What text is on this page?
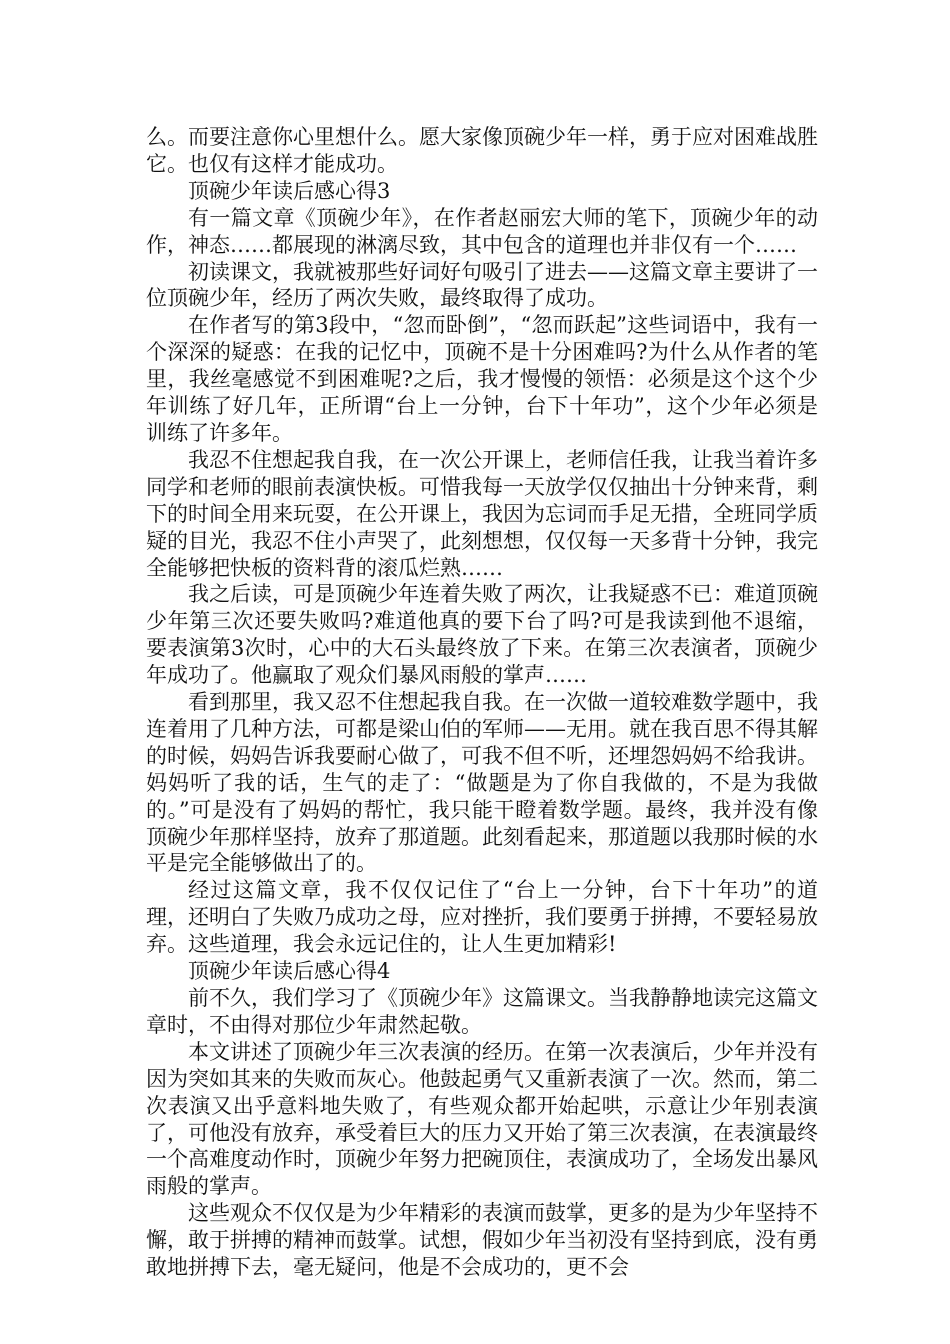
么。而要注意你心里想什么。愿大家像顶碗少年一样，勇于应对困难战胜它。也仅有这样才能成功。

顶碗少年读后感心得3

有一篇文章《顶碗少年》，在作者赵丽宏大师的笔下，顶碗少年的动作，神态……都展现的淋漓尽致，其中包含的道理也并非仅有一个……

初读课文，我就被那些好词好句吸引了进去——这篇文章主要讲了一位顶碗少年，经历了两次失败，最终取得了成功。

在作者写的第3段中，“忽而卧倒”，“忽而跃起”这些词语中，我有一个深深的疑惑：在我的记忆中，顶碗不是十分困难吗?为什么从作者的笔里，我丝毫感觉不到困难呢?之后，我才慢慢的领悟：必须是这个这个少年训练了好几年，正所谓“台上一分钟，台下十年功”，这个少年必须是训练了许多年。

我忍不住想起我自我，在一次公开课上，老师信任我，让我当着许多同学和老师的眼前表演快板。可惜我每一天放学仅仅抽出十分钟来背，剩下的时间全用来玩耍，在公开课上，我因为忘词而手足无措，全班同学质疑的目光，我忍不住小声哭了，此刻想想，仅仅每一天多背十分钟，我完全能够把快板的资料背的滚瓜烂熟……

我之后读，可是顶碗少年连着失败了两次，让我疑惑不已：难道顶碗少年第三次还要失败吗?难道他真的要下台了吗?可是我读到他不退缩，要表演第3次时，心中的大石头最终放了下来。在第三次表演者，顶碗少年成功了。他赢取了观众们暴风雨般的掌声……

看到那里，我又忍不住想起我自我。在一次做一道较难数学题中，我连着用了几种方法，可都是梁山伯的军师——无用。就在我百思不得其解的时候，妈妈告诉我要耐心做了，可我不但不听，还埋怨妈妈不给我讲。妈妈听了我的话，生气的走了：“做题是为了你自我做的，不是为我做的。”可是没有了妈妈的帮忙，我只能干瞪着数学题。最终，我并没有像顶碗少年那样坚持，放弃了那道题。此刻看起来，那道题以我那时候的水平是完全能够做出了的。

经过这篇文章，我不仅仅记住了“台上一分钟，台下十年功”的道理，还明白了失败乃成功之母，应对挫折，我们要勇于拼搏，不要轻易放弃。这些道理，我会永远记住的，让人生更加精彩!

顶碗少年读后感心得4

前不久，我们学习了《顶碗少年》这篇课文。当我静静地读完这篇文章时，不由得对那位少年肃然起敬。

本文讲述了顶碗少年三次表演的经历。在第一次表演后，少年并没有因为突如其来的失败而灰心。他鼓起勇气又重新表演了一次。然而，第二次表演又出乎意料地失败了，有些观众都开始起哄，示意让少年别表演了，可他没有放弃，承受着巨大的压力又开始了第三次表演，在表演最终一个高难度动作时，顶碗少年努力把碗顶住，表演成功了，全场发出暴风雨般的掌声。

这些观众不仅仅是为少年精彩的表演而鼓掌，更多的是为少年坚持不懈，敢于拼搏的精神而鼓掌。试想，假如少年当初没有坚持到底，没有勇敢地拼搏下去，毫无疑问，他是不会成功的，更不会
